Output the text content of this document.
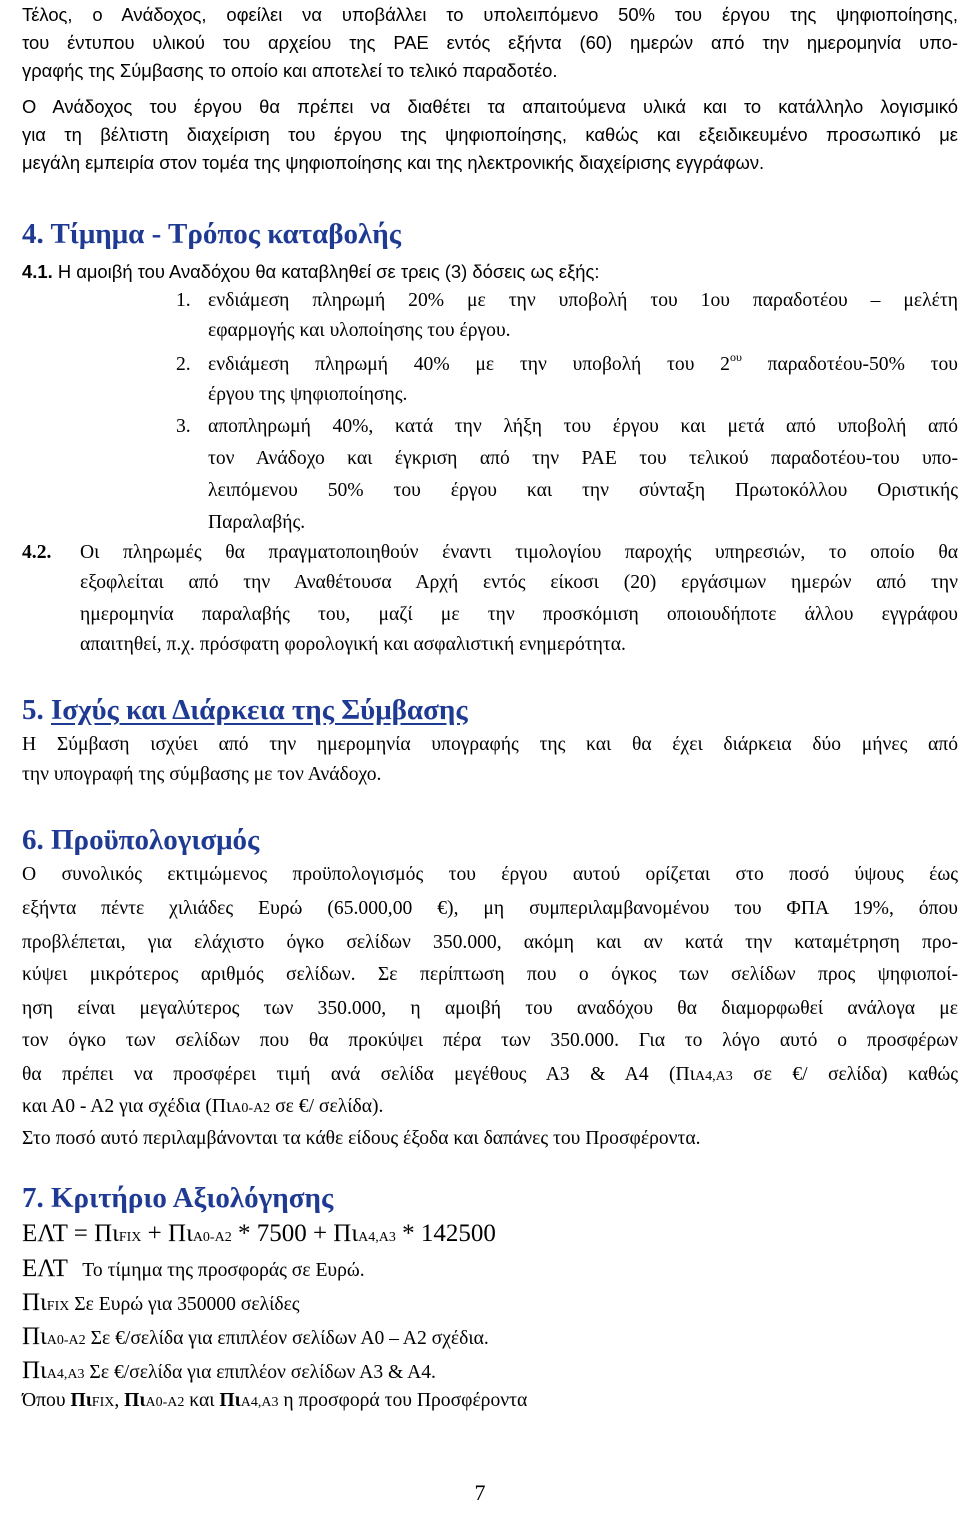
Τέλος, ο Ανάδοχος, οφείλει να υποβάλλει το υπολειπόμενο 50% του έργου της ψηφιοποίησης,

του έντυπου υλικού του αρχείου της ΡΑΕ εντός εξήντα (60) ημερών από την ημερομηνία υπο-

γραφής της Σύμβασης το οποίο και αποτελεί το τελικό παραδοτέο.

Ο Ανάδοχος του έργου θα πρέπει να διαθέτει τα απαιτούμενα υλικά και το κατάλληλο λογισμικό

για τη βέλτιστη διαχείριση του έργου της ψηφιοποίησης, καθώς και εξειδικευμένο προσωπικό με

μεγάλη εμπειρία στον τομέα της ψηφιοποίησης και της ηλεκτρονικής διαχείρισης εγγράφων.

4. Τίμημα - Τρόπος καταβολής
4.1. Η αμοιβή του Αναδόχου θα καταβληθεί σε τρεις (3) δόσεις ως εξής:
1. ενδιάμεση πληρωμή 20% με την υποβολή του 1ου παραδοτέου – μελέτη

εφαρμογής και υλοποίησης του έργου.

2. ενδιάμεση πληρωμή 40% με την υποβολή του $2^{o\upsilon}$ παραδοτέου-50% του

έργου της ψηφιοποίησης.

3. αποπληρωμή 40%, κατά την λήξη του έργου και μετά από υποβολή από

τον Ανάδοχο και έγκριση από την ΡΑΕ του τελικού παραδοτέου-του υπο-

λειπόμενου 50% του έργου και την σύνταξη Πρωτοκόλλου Οριστικής

Παραλαβής.

4.2. Οι πληρωμές θα πραγματοποιηθούν έναντι τιμολογίου παροχής υπηρεσιών, το οποίο θα

εξοφλείται από την Αναθέτουσα Αρχή εντός είκοσι (20) εργάσιμων ημερών από την

ημερομηνία παραλαβής του, μαζί με την προσκόμιση οποιουδήποτε άλλου εγγράφου

απαιτηθεί, π.χ. πρόσφατη φορολογική και ασφαλιστική ενημερότητα.

5. Ισχύς και Διάρκεια της Σύμβασης

Η Σύμβαση ισχύει από την ημερομηνία υπογραφής της και θα έχει διάρκεια δύο μήνες από

την υπογραφή της σύμβασης με τον Ανάδοχο.

6. Προϋπολογισμός

Ο συνολικός εκτιμώμενος προϋπολογισμός του έργου αυτού ορίζεται στο ποσό ύψους έως

εξήντα πέντε χιλιάδες Ευρώ (65.000,00 €), μη συμπεριλαμβανομένου του ΦΠΑ 19%, όπου

προβλέπεται, για ελάχιστο όγκο σελίδων 350.000, ακόμη και αν κατά την καταμέτρηση προ-

κύψει μικρότερος αριθμός σελίδων. Σε περίπτωση που ο όγκος των σελίδων προς ψηφιοποί-

ηση είναι μεγαλύτερος των 350.000, η αμοιβή του αναδόχου θα διαμορφωθεί ανάλογα με

τον όγκο των σελίδων που θα προκύψει πέρα των 350.000. Για το λόγο αυτό ο προσφέρων

θα πρέπει να προσφέρει τιμή ανά σελίδα μεγέθους Α3 & Α4 (ΠιΑ4,Α3 σε €/ σελίδα) καθώς

και Α0 - Α2 για σχέδια (ΠιΑ0-Α2 σε €/ σελίδα).

Στο ποσό αυτό περιλαμβάνονται τα κάθε είδους έξοδα και δαπάνες του Προσφέροντα.

7. Κριτήριο Αξιολόγησης
ΕΛΤ = ΠιFIX + ΠιΑ0-Α2 * 7500 + ΠιΑ4,Α3 * 142500
ΕΛΤ   Το τίμημα της προσφοράς σε Ευρώ.
ΠιFIX Σε Ευρώ για 350000 σελίδες
ΠιΑ0-Α2 Σε €/σελίδα για επιπλέον σελίδων Α0 – Α2 σχέδια.
ΠιΑ4,Α3 Σε €/σελίδα για επιπλέον σελίδων Α3 & Α4.
Όπου ΠιFIX, ΠιΑ0-Α2 και ΠιΑ4,Α3 η προσφορά του Προσφέροντα
7
